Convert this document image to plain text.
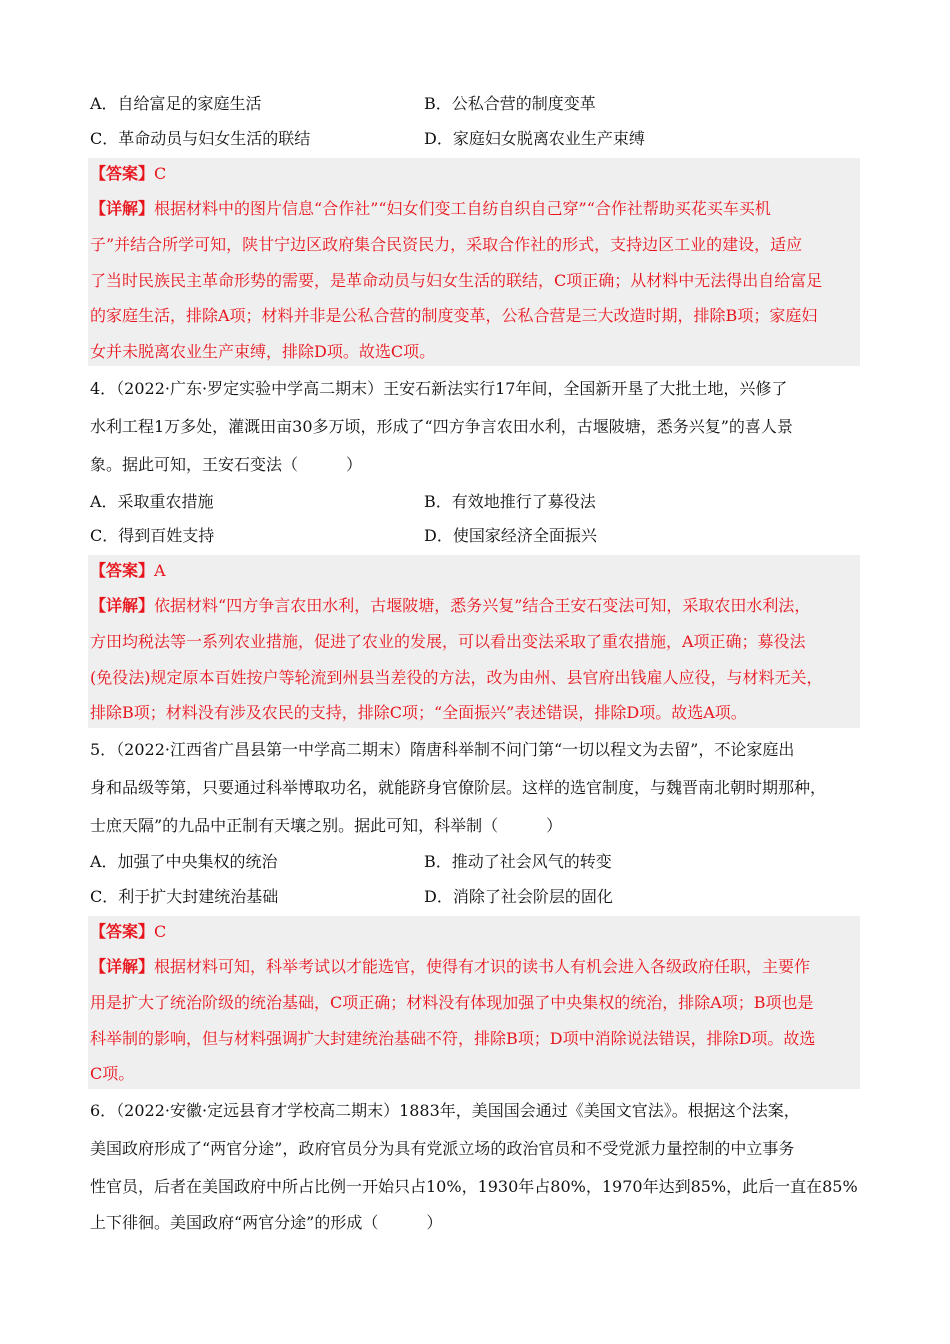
A．自给富足的家庭生活	B．公私合营的制度变革
C．革命动员与妇女生活的联结	D．家庭妇女脱离农业生产束缚
【答案】C
【详解】根据材料中的图片信息“合作社”“妇女们变工自纺自织自己穿”“合作社帮助买花买车买机
子”并结合所学可知，陕甘宁边区政府集合民资民力，采取合作社的形式，支持边区工业的建设，适应
了当时民族民主革命形势的需要，是革命动员与妇女生活的联结，C项正确；从材料中无法得出自给富足
的家庭生活，排除A项；材料并非是公私合营的制度变革，公私合营是三大改造时期，排除B项；家庭妇
女并未脱离农业生产束缚，排除D项。故选C项。
4．（2022·广东·罗定实验中学高二期末）王安石新法实行17年间，全国新开垦了大批土地，兴修了
水利工程1万多处，灌溉田亩30多万顷，形成了“四方争言农田水利，古堰陂塘，悉务兴复”的喜人景
象。据此可知，王安石变法（　　　）
A．采取重农措施	B．有效地推行了募役法
C．得到百姓支持	D．使国家经济全面振兴
【答案】A
【详解】依据材料“四方争言农田水利，古堰陂塘，悉务兴复”结合王安石变法可知，采取农田水利法，
方田均税法等一系列农业措施，促进了农业的发展，可以看出变法采取了重农措施，A项正确；募役法
(免役法)规定原本百姓按户等轮流到州县当差役的方法，改为由州、县官府出钱雇人应役，与材料无关，
排除B项；材料没有涉及农民的支持，排除C项；“全面振兴”表述错误，排除D项。故选A项。
5．（2022·江西省广昌县第一中学高二期末）隋唐科举制不问门第“一切以程文为去留”，不论家庭出
身和品级等第，只要通过科举博取功名，就能跻身官僚阶层。这样的选官制度，与魏晋南北朝时期那种，
士庶天隔”的九品中正制有天壤之别。据此可知，科举制（　　　）
A．加强了中央集权的统治	B．推动了社会风气的转变
C．利于扩大封建统治基础	D．消除了社会阶层的固化
【答案】C
【详解】根据材料可知，科举考试以才能选官，使得有才识的读书人有机会进入各级政府任职，主要作
用是扩大了统治阶级的统治基础，C项正确；材料没有体现加强了中央集权的统治，排除A项；B项也是
科举制的影响，但与材料强调扩大封建统治基础不符，排除B项；D项中消除说法错误，排除D项。故选
C项。
6．（2022·安徽·定远县育才学校高二期末）1883年，美国国会通过《美国文官法》。根据这个法案，
美国政府形成了“两官分途”，政府官员分为具有党派立场的政治官员和不受党派力量控制的中立事务
性官员，后者在美国政府中所占比例一开始只占10%，1930年占80%，1970年达到85%，此后一直在85%
上下徘徊。美国政府“两官分途”的形成（　　　）
